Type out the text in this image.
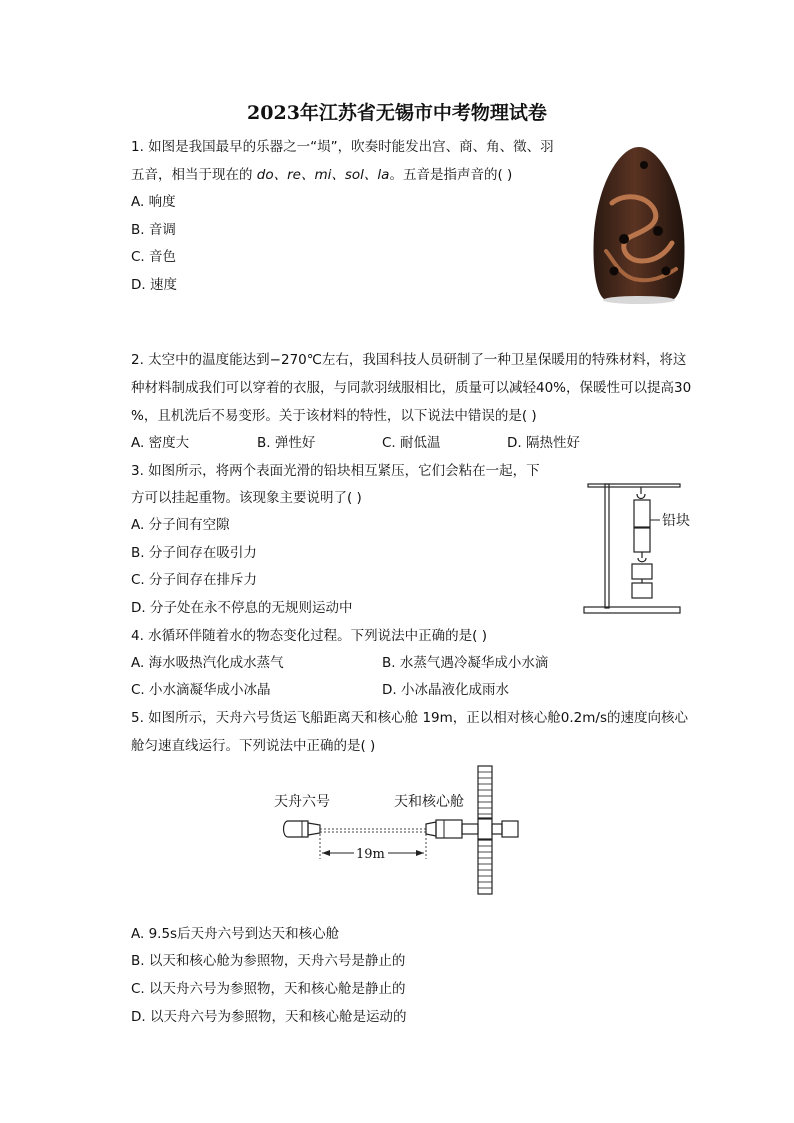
2023年江苏省无锡市中考物理试卷
1. 如图是我国最早的乐器之一“埙”，吹奏时能发出宫、商、角、徵、羽
五音，相当于现在的 do、re、mi、sol、la。五音是指声音的( )
A. 响度
B. 音调
C. 音色
D. 速度
2. 太空中的温度能达到−270℃左右，我国科技人员研制了一种卫星保暖用的特殊材料，将这
种材料制成我们可以穿着的衣服，与同款羽绒服相比，质量可以减轻40%，保暖性可以提高30
%，且机洗后不易变形。关于该材料的特性，以下说法中错误的是( )
A. 密度大	B. 弹性好	C. 耐低温	D. 隔热性好
3. 如图所示，将两个表面光滑的铅块相互紧压，它们会粘在一起，下
方可以挂起重物。该现象主要说明了( )
A. 分子间有空隙
B. 分子间存在吸引力
C. 分子间存在排斥力
D. 分子处在永不停息的无规则运动中
铅块
4. 水循环伴随着水的物态变化过程。下列说法中正确的是( )
A. 海水吸热汽化成水蒸气	B. 水蒸气遇冷凝华成小水滴
C. 小水滴凝华成小冰晶	D. 小冰晶液化成雨水
5. 如图所示，天舟六号货运飞船距离天和核心舱 19m，正以相对核心舱0.2m/s的速度向核心
舱匀速直线运行。下列说法中正确的是( )
天舟六号	天和核心舱
19m
A. 9.5s后天舟六号到达天和核心舱
B. 以天和核心舱为参照物，天舟六号是静止的
C. 以天舟六号为参照物，天和核心舱是静止的
D. 以天舟六号为参照物，天和核心舱是运动的
